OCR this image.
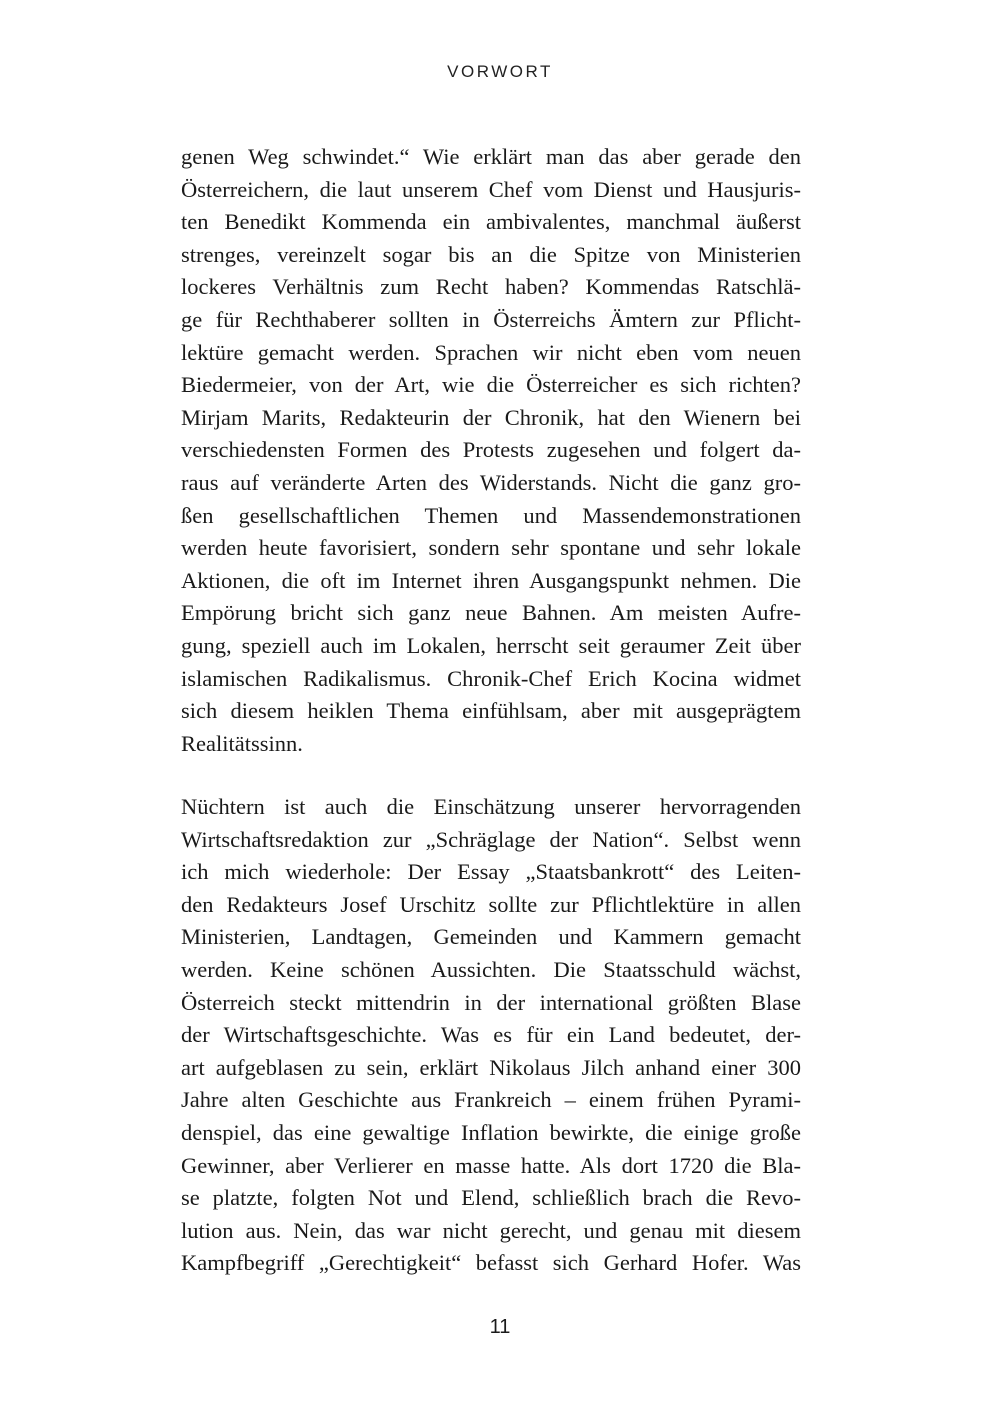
VORWORT
genen Weg schwindet.“ Wie erklärt man das aber gerade den
Österreichern, die laut unserem Chef vom Dienst und Hausjuris-
ten Benedikt Kommenda ein ambivalentes, manchmal äußerst
strenges, vereinzelt sogar bis an die Spitze von Ministerien
lockeres Verhältnis zum Recht haben? Kommendas Ratschlä-
ge für Rechthaberer sollten in Österreichs Ämtern zur Pflicht-
lektüre gemacht werden. Sprachen wir nicht eben vom neuen
Biedermeier, von der Art, wie die Österreicher es sich richten?
Mirjam Marits, Redakteurin der Chronik, hat den Wienern bei
verschiedensten Formen des Protests zugesehen und folgert da-
raus auf veränderte Arten des Widerstands. Nicht die ganz gro-
ßen gesellschaftlichen Themen und Massendemonstrationen
werden heute favorisiert, sondern sehr spontane und sehr lokale
Aktionen, die oft im Internet ihren Ausgangspunkt nehmen. Die
Empörung bricht sich ganz neue Bahnen. Am meisten Aufre-
gung, speziell auch im Lokalen, herrscht seit geraumer Zeit über
islamischen Radikalismus. Chronik-Chef Erich Kocina widmet
sich diesem heiklen Thema einfühlsam, aber mit ausgeprägtem
Realitätssinn.
Nüchtern ist auch die Einschätzung unserer hervorragenden
Wirtschaftsredaktion zur „Schräglage der Nation“. Selbst wenn
ich mich wiederhole: Der Essay „Staatsbankrott“ des Leiten-
den Redakteurs Josef Urschitz sollte zur Pflichtlektüre in allen
Ministerien, Landtagen, Gemeinden und Kammern gemacht
werden. Keine schönen Aussichten. Die Staatsschuld wächst,
Österreich steckt mittendrin in der international größten Blase
der Wirtschaftsgeschichte. Was es für ein Land bedeutet, der-
art aufgeblasen zu sein, erklärt Nikolaus Jilch anhand einer 300
Jahre alten Geschichte aus Frankreich – einem frühen Pyrami-
denspiel, das eine gewaltige Inflation bewirkte, die einige große
Gewinner, aber Verlierer en masse hatte. Als dort 1720 die Bla-
se platzte, folgten Not und Elend, schließlich brach die Revo-
lution aus. Nein, das war nicht gerecht, und genau mit diesem
Kampfbegriff „Gerechtigkeit“ befasst sich Gerhard Hofer. Was
11
